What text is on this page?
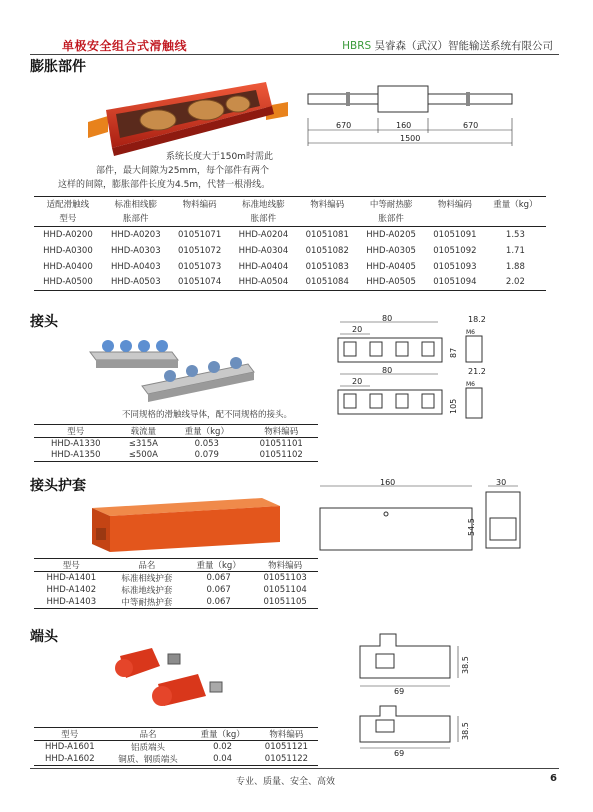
单极安全组合式滑触线	HBRS 昊睿森（武汉）智能输送系统有限公司
膨胀部件
670	160	670
1500
系统长度大于150m时需此
部件，最大间隙为25mm，每个部件有两个
这样的间隙，膨胀部件长度为4.5m，代替一根滑线。
适配滑触线	标准相线膨	物料编码	标准地线膨	物料编码	中等耐热膨	物料编码	重量（kg）
型号	胀部件		胀部件		胀部件		
HHD-A0200	HHD-A0203	01051071	HHD-A0204	01051081	HHD-A0205	01051091	1.53
HHD-A0300	HHD-A0303	01051072	HHD-A0304	01051082	HHD-A0305	01051092	1.71
HHD-A0400	HHD-A0403	01051073	HHD-A0404	01051083	HHD-A0405	01051093	1.88
HHD-A0500	HHD-A0503	01051074	HHD-A0504	01051084	HHD-A0505	01051094	2.02
接头	80
20
18.2
M6
87
80
20
21.2
M6
105
不同规格的滑触线导体，配不同规格的接头。
型号	载流量	重量（kg）	物料编码
HHD-A1330	≤315A	0.053	01051101
HHD-A1350	≤500A	0.079	01051102
接头护套	160	30
54.5
型号	品名	重量（kg）	物料编码
HHD-A1401	标准相线护套	0.067	01051103
HHD-A1402	标准地线护套	0.067	01051104
HHD-A1403	中等耐热护套	0.067	01051105
端头
69
38.5
69
38.5
型号	品名	重量（kg）	物料编码
HHD-A1601	铝质端头	0.02	01051121
HHD-A1602	铜质、钢质端头	0.04	01051122
专业、质量、安全、高效	6
